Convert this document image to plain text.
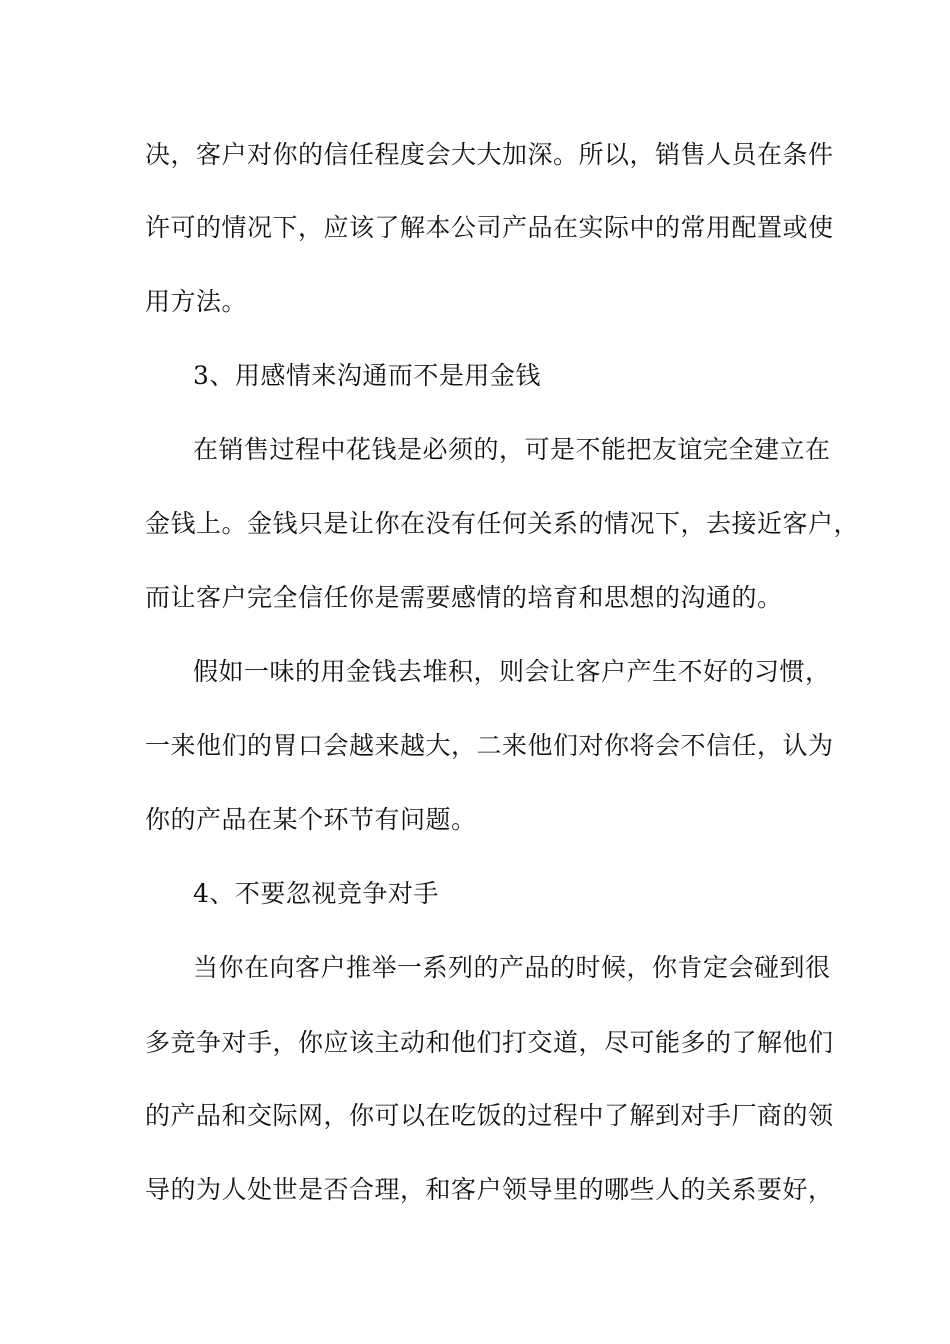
决，客户对你的信任程度会大大加深。所以，销售人员在条件

许可的情况下，应该了解本公司产品在实际中的常用配置或使

用方法。

3、用感情来沟通而不是用金钱

在销售过程中花钱是必须的，可是不能把友谊完全建立在

金钱上。金钱只是让你在没有任何关系的情况下，去接近客户，

而让客户完全信任你是需要感情的培育和思想的沟通的。

假如一味的用金钱去堆积，则会让客户产生不好的习惯，

一来他们的胃口会越来越大，二来他们对你将会不信任，认为

你的产品在某个环节有问题。

4、不要忽视竞争对手

当你在向客户推举一系列的产品的时候，你肯定会碰到很

多竞争对手，你应该主动和他们打交道，尽可能多的了解他们

的产品和交际网，你可以在吃饭的过程中了解到对手厂商的领

导的为人处世是否合理，和客户领导里的哪些人的关系要好，
